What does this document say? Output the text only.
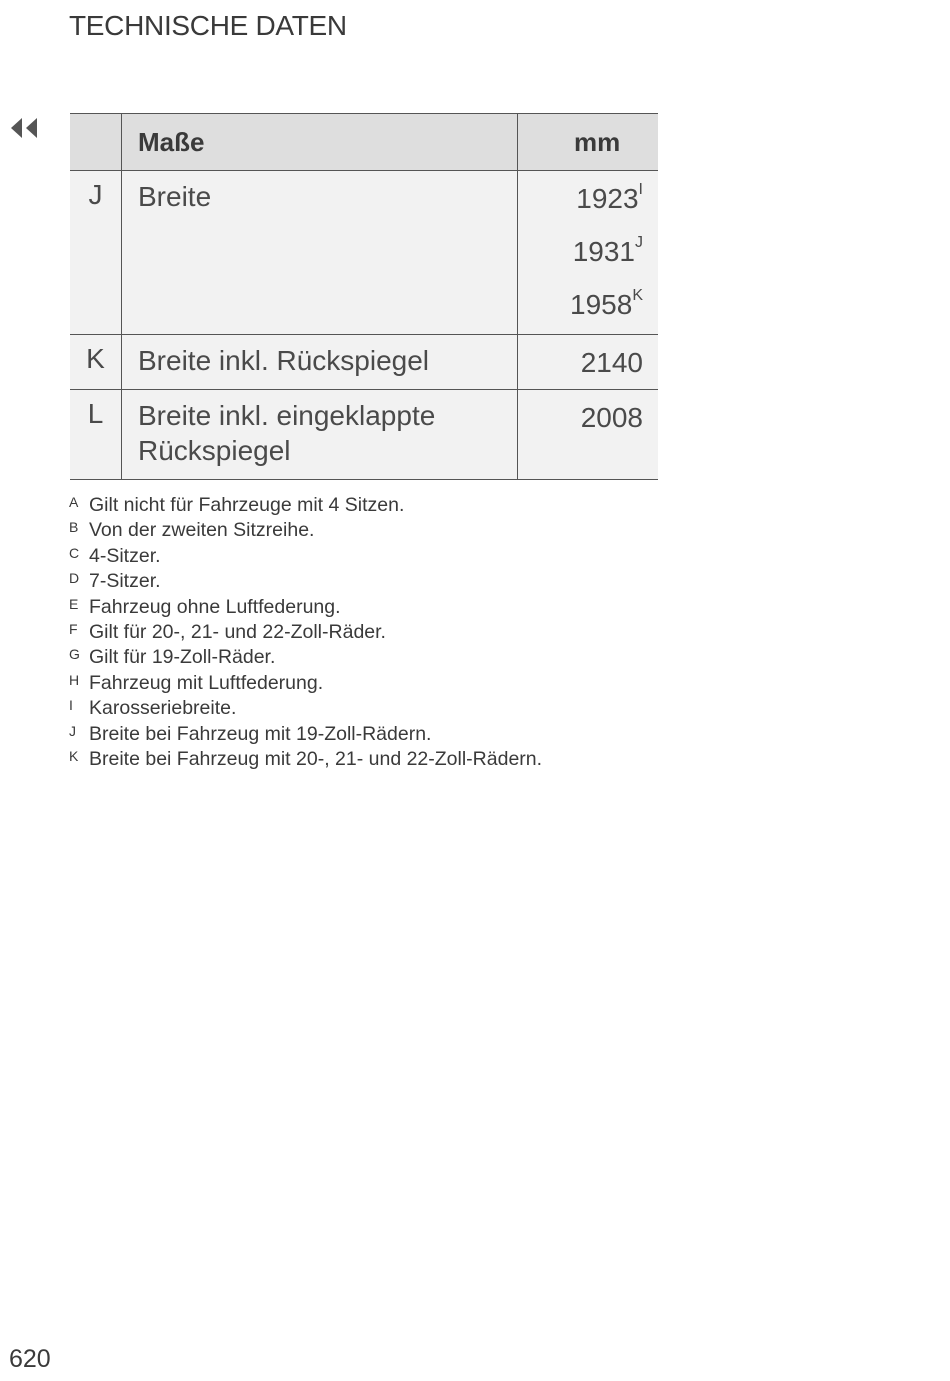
TECHNISCHE DATEN
	Maße	mm
J	Breite	$1923^I$
$1931^J$
$1958^K$

K	Breite inkl. Rückspiegel	2140

L	Breite inkl. eingeklappte Rückspiegel	2008
A Gilt nicht für Fahrzeuge mit 4 Sitzen.
B Von der zweiten Sitzreihe.
C 4-Sitzer.
D 7-Sitzer.
E Fahrzeug ohne Luftfederung.
F Gilt für 20-, 21- und 22-Zoll-Räder.
G Gilt für 19-Zoll-Räder.
H Fahrzeug mit Luftfederung.
I Karosseriebreite.
J Breite bei Fahrzeug mit 19-Zoll-Rädern.
K Breite bei Fahrzeug mit 20-, 21- und 22-Zoll-Rädern.
620
